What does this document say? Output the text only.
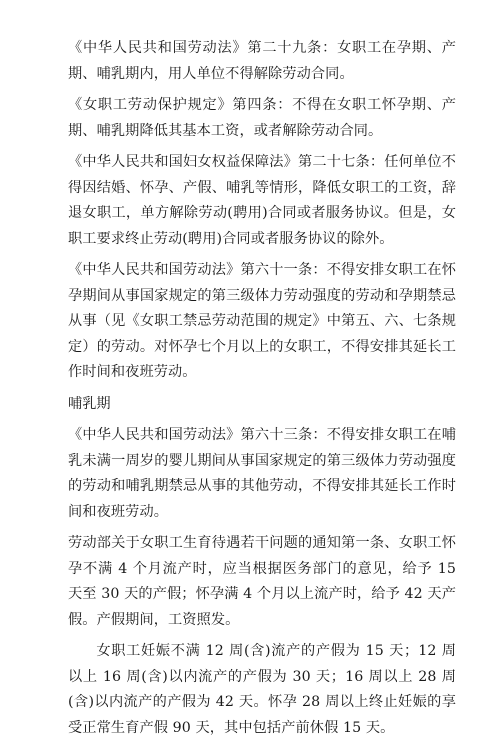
《中华人民共和国劳动法》第二十九条：女职工在孕期、产期、哺乳期内，用人单位不得解除劳动合同。

《女职工劳动保护规定》第四条：不得在女职工怀孕期、产期、哺乳期降低其基本工资，或者解除劳动合同。

《中华人民共和国妇女权益保障法》第二十七条：任何单位不得因结婚、怀孕、产假、哺乳等情形，降低女职工的工资，辞退女职工，单方解除劳动(聘用)合同或者服务协议。但是，女职工要求终止劳动(聘用)合同或者服务协议的除外。

《中华人民共和国劳动法》第六十一条：不得安排女职工在怀孕期间从事国家规定的第三级体力劳动强度的劳动和孕期禁忌从事（见《女职工禁忌劳动范围的规定》中第五、六、七条规定）的劳动。对怀孕七个月以上的女职工，不得安排其延长工作时间和夜班劳动。

哺乳期

《中华人民共和国劳动法》第六十三条：不得安排女职工在哺乳未满一周岁的婴儿期间从事国家规定的第三级体力劳动强度的劳动和哺乳期禁忌从事的其他劳动，不得安排其延长工作时间和夜班劳动。

劳动部关于女职工生育待遇若干问题的通知第一条、女职工怀孕不满 4 个月流产时，应当根据医务部门的意见，给予 15 天至 30 天的产假；怀孕满 4 个月以上流产时，给予 42 天产假。产假期间，工资照发。

女职工妊娠不满 12 周(含)流产的产假为 15 天；12 周以上 16 周(含)以内流产的产假为 30 天；16 周以上 28 周(含)以内流产的产假为 42 天。怀孕 28 周以上终止妊娠的享受正常生育产假 90 天，其中包括产前休假 15 天。
